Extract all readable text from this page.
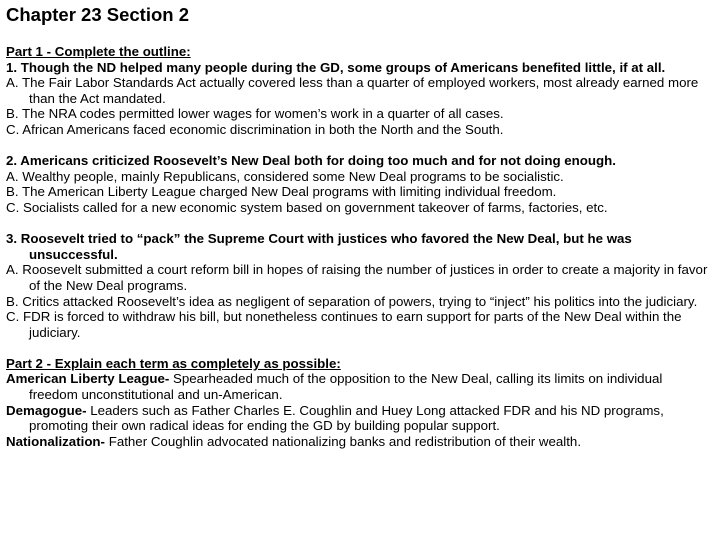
Chapter 23 Section 2
Part 1 - Complete the outline:
1. Though the ND helped many people during the GD, some groups of Americans benefited little, if at all.
A. The Fair Labor Standards Act actually covered less than a quarter of employed workers, most already earned more than the Act mandated.
B. The NRA codes permitted lower wages for women’s work in a quarter of all cases.
C. African Americans faced economic discrimination in both the North and the South.
2. Americans criticized Roosevelt’s New Deal both for doing too much and for not doing enough.
A. Wealthy people, mainly Republicans, considered some New Deal programs to be socialistic.
B. The American Liberty League charged New Deal programs with limiting individual freedom.
C. Socialists called for a new economic system based on government takeover of farms, factories, etc.
3. Roosevelt tried to “pack” the Supreme Court with justices who favored the New Deal, but he was unsuccessful.
A. Roosevelt submitted a court reform bill in hopes of raising the number of justices in order to create a majority in favor of the New Deal programs.
B. Critics attacked Roosevelt’s idea as negligent of separation of powers, trying to “inject” his politics into the judiciary.
C. FDR is forced to withdraw his bill, but nonetheless continues to earn support for parts of the New Deal within the judiciary.
Part 2 - Explain each term as completely as possible:
American Liberty League- Spearheaded much of the opposition to the New Deal, calling its limits on individual freedom unconstitutional and un-American.
Demagogue- Leaders such as Father Charles E. Coughlin and Huey Long attacked FDR and his ND programs, promoting their own radical ideas for ending the GD by building popular support.
Nationalization- Father Coughlin advocated nationalizing banks and redistribution of their wealth.
